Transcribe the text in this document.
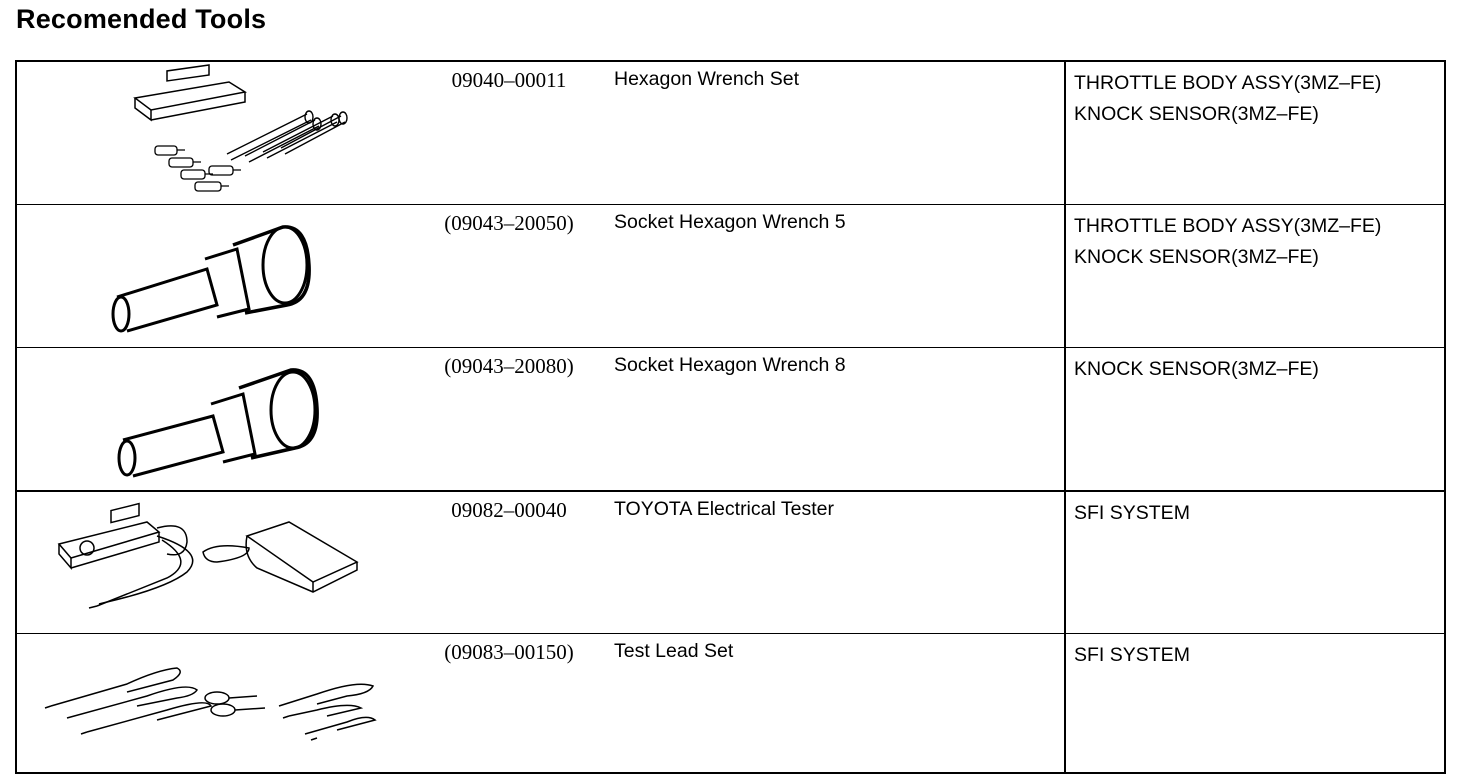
Recomended Tools
09040–00011	Hexagon Wrench Set	THROTTLE BODY ASSY(3MZ–FE)
KNOCK SENSOR(3MZ–FE)
(09043–20050)	Socket Hexagon Wrench 5	THROTTLE BODY ASSY(3MZ–FE)
KNOCK SENSOR(3MZ–FE)
(09043–20080)	Socket Hexagon Wrench 8	KNOCK SENSOR(3MZ–FE)
09082–00040	TOYOTA Electrical Tester	SFI SYSTEM
(09083–00150)	Test Lead Set	SFI SYSTEM
